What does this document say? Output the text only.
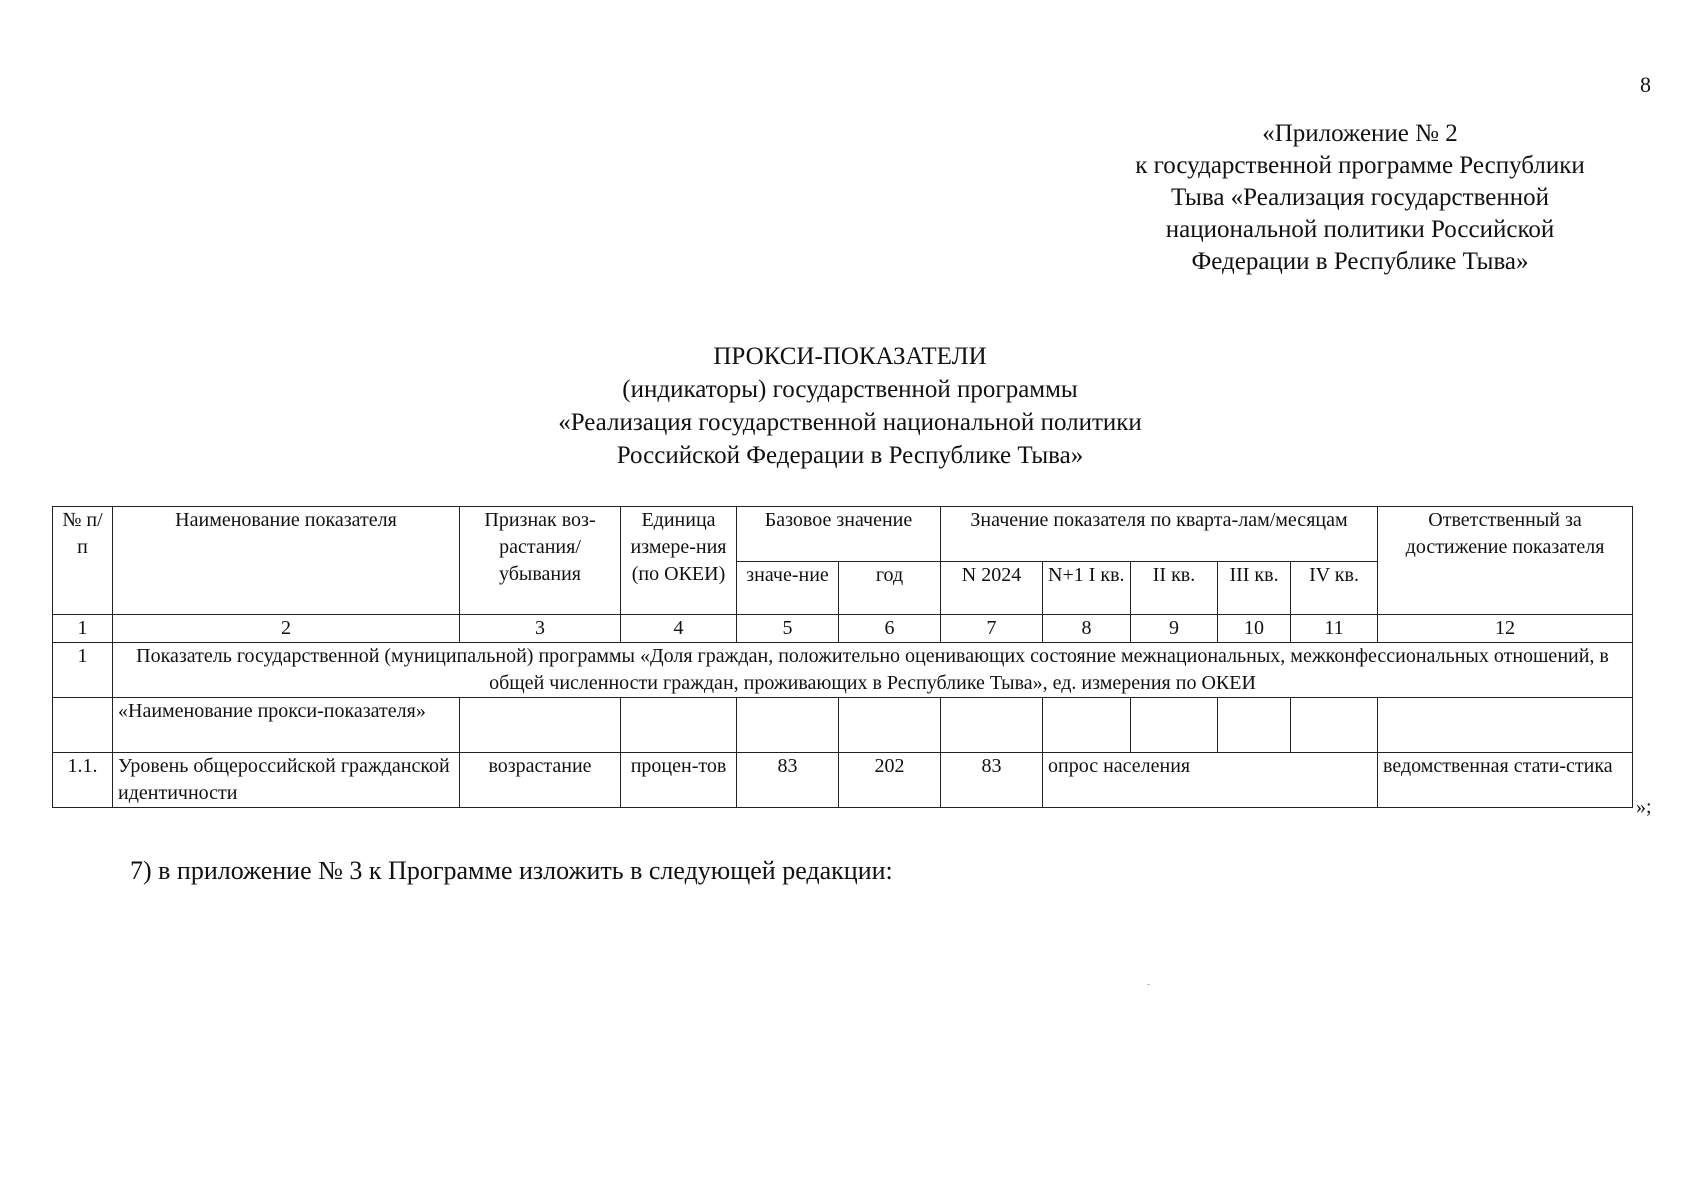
8
«Приложение № 2
к государственной программе Республики
Тыва «Реализация государственной
национальной политики Российской
Федерации в Республике Тыва»
ПРОКСИ-ПОКАЗАТЕЛИ
(индикаторы) государственной программы
«Реализация государственной национальной политики
Российской Федерации в Республике Тыва»
№ п/п	Наименование показателя	Признак воз-растания/ убывания	Единица измере-ния (по ОКЕИ)	Базовое значение		Значение показателя по кварта-лам/месяцам					Ответственный за достижение показателя
				значе-ние	год	N 2024	N+1 I кв.	II кв.	III кв.	IV кв.	
1	2	3	4	5	6	7	8	9	10	11	12
1	Показатель государственной (муниципальной) программы «Доля граждан, положительно оценивающих состояние межнациональных, межконфессиональных отношений, в общей численности граждан, проживающих в Республике Тыва», ед. измерения по ОКЕИ										
	«Наименование прокси-показателя»										
1.1.	Уровень общероссийской гражданской идентичности	возрастание	процен-тов	83	202	83	опрос населения				ведомственная стати-стика
»;
7) в приложение № 3 к Программе изложить в следующей редакции:
